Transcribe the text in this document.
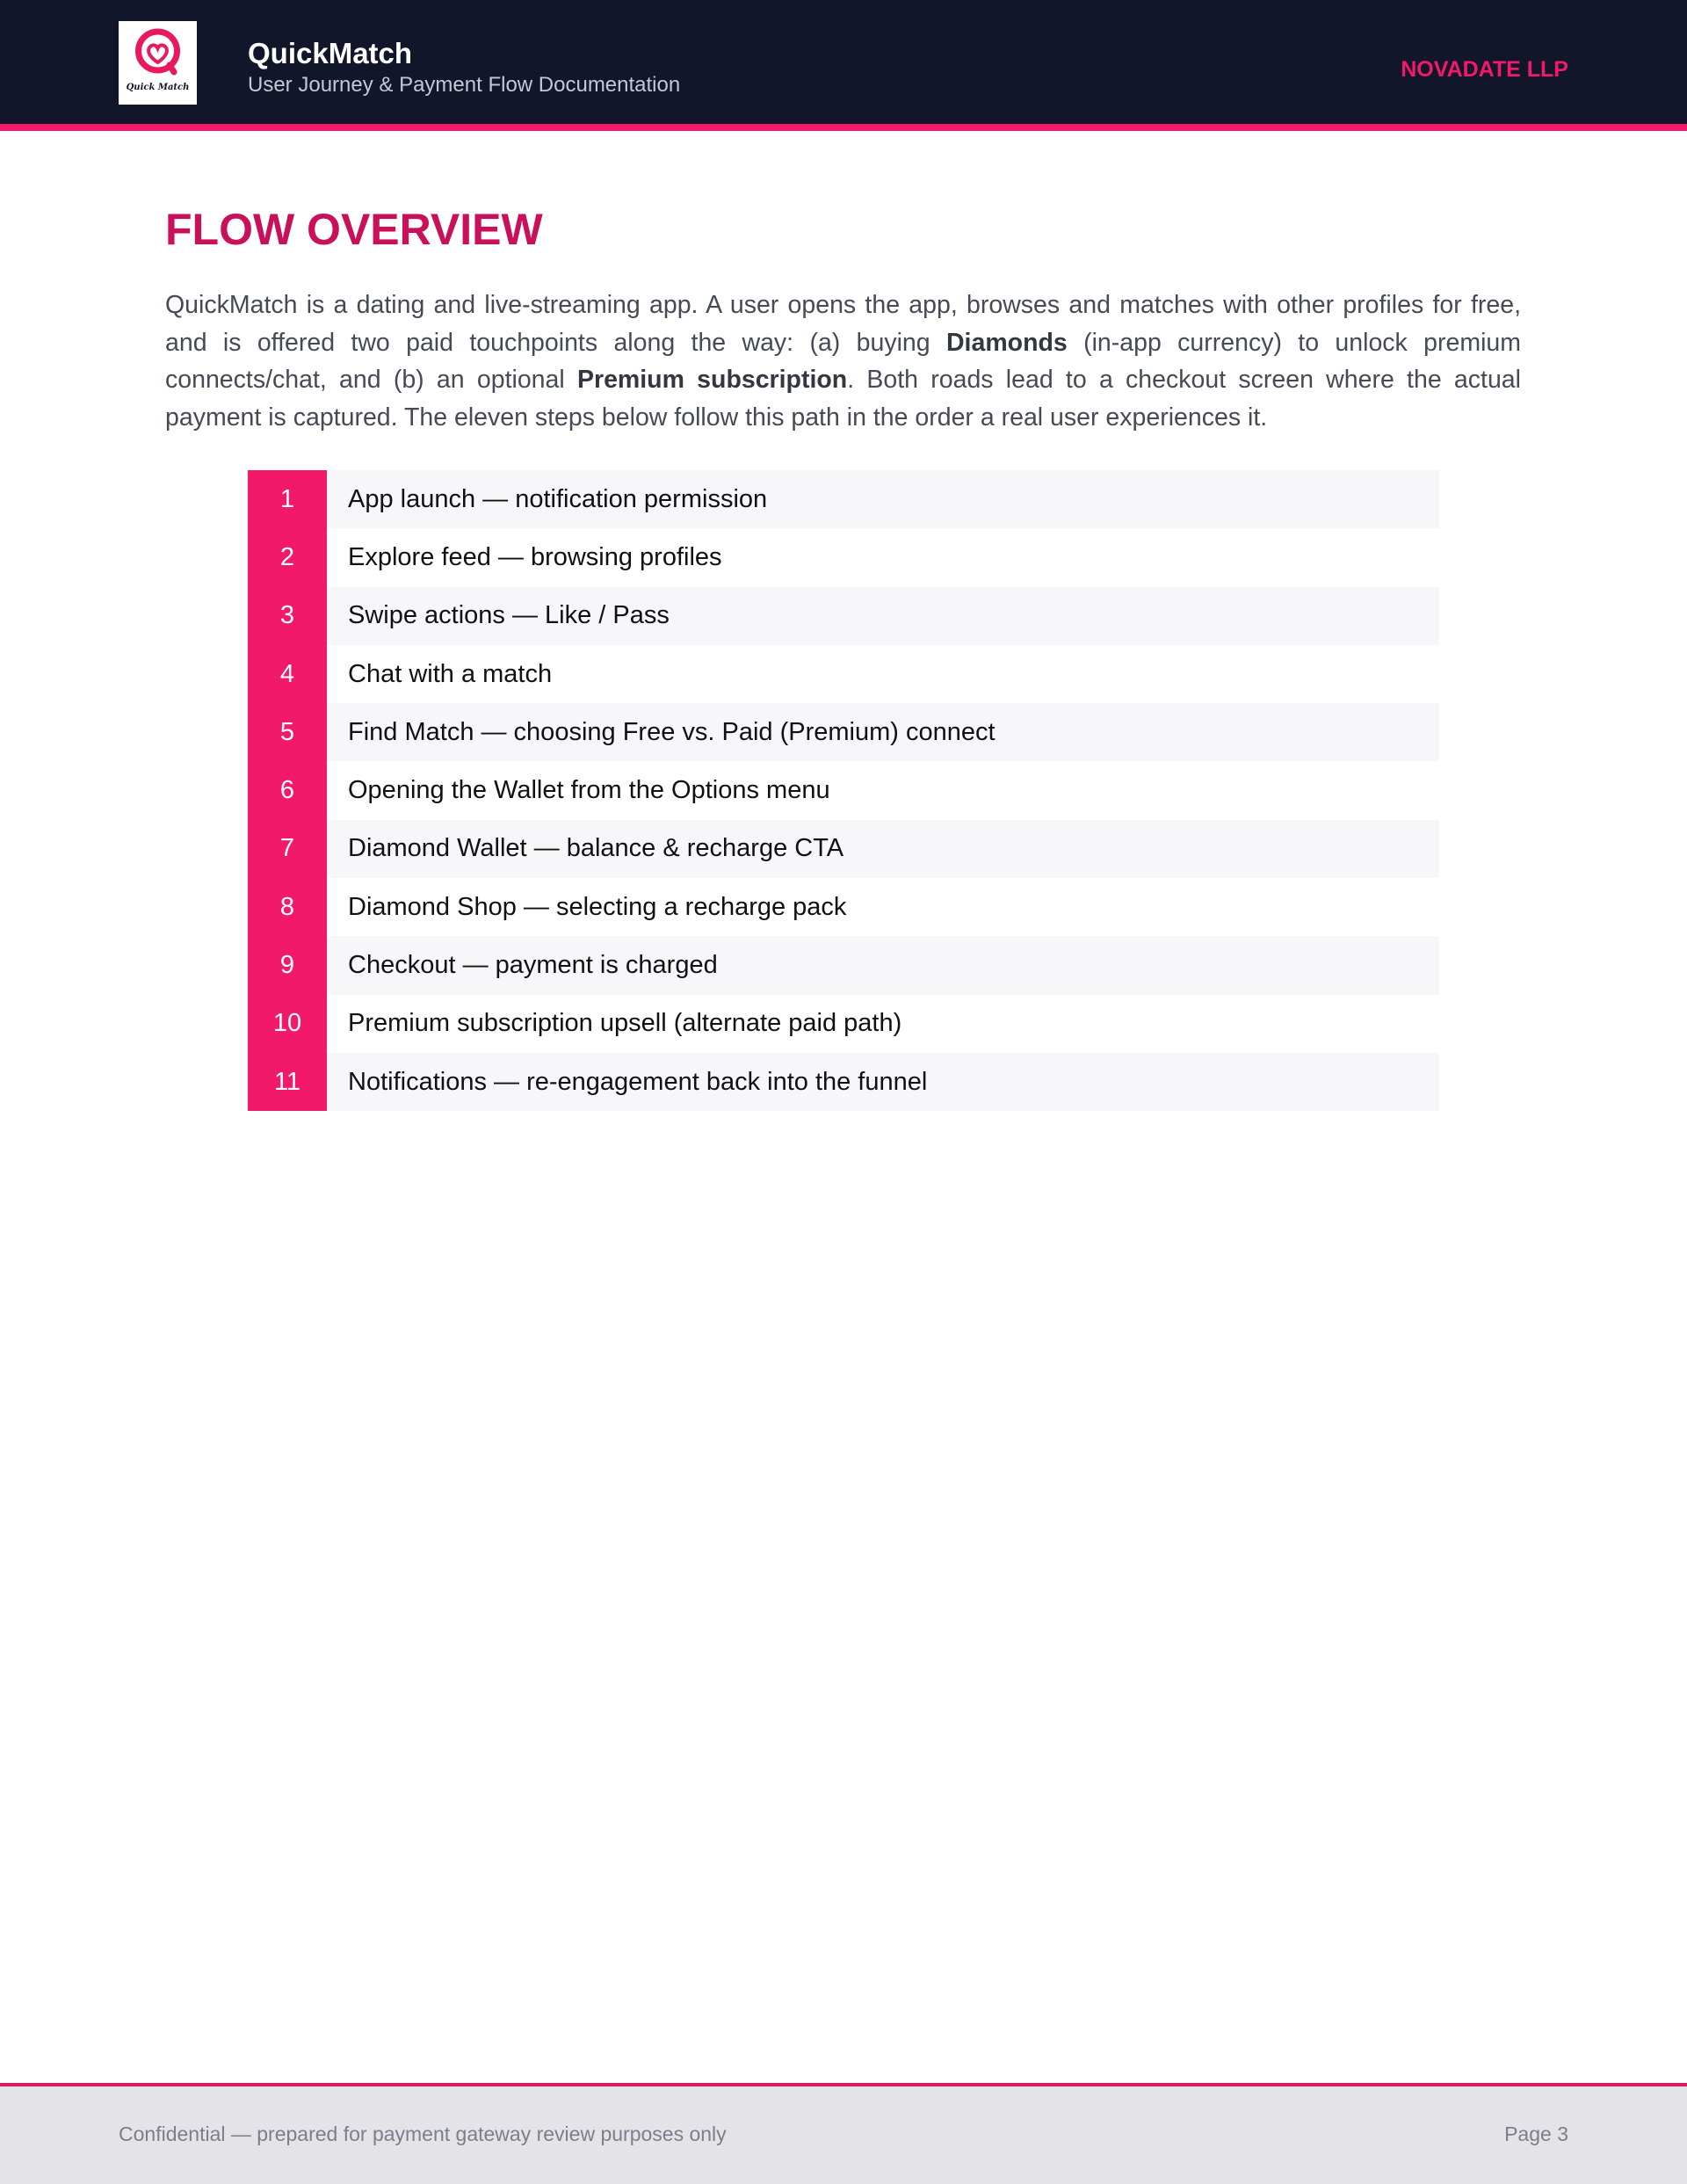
Quick Match
QuickMatch
User Journey & Payment Flow Documentation
NOVADATE LLP
FLOW OVERVIEW

QuickMatch is a dating and live-streaming app. A user opens the app, browses and matches with other profiles for free, and is offered two paid touchpoints along the way: (a) buying Diamonds (in-app currency) to unlock premium connects/chat, and (b) an optional Premium subscription. Both roads lead to a checkout screen where the actual payment is captured. The eleven steps below follow this path in the order a real user experiences it.

1	App launch — notification permission
2	Explore feed — browsing profiles
3	Swipe actions — Like / Pass
4	Chat with a match
5	Find Match — choosing Free vs. Paid (Premium) connect
6	Opening the Wallet from the Options menu
7	Diamond Wallet — balance & recharge CTA
8	Diamond Shop — selecting a recharge pack
9	Checkout — payment is charged
10	Premium subscription upsell (alternate paid path)
11	Notifications — re-engagement back into the funnel
Confidential — prepared for payment gateway review purposes only	Page 3
